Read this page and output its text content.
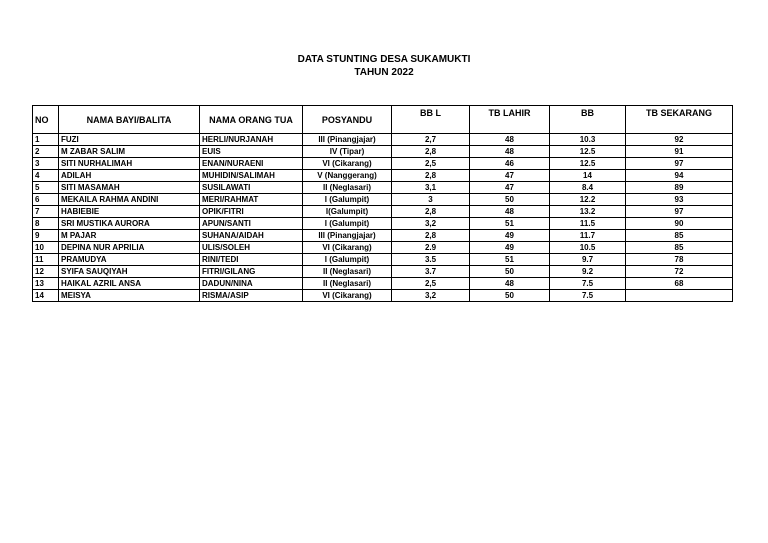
DATA STUNTING DESA SUKAMUKTI
TAHUN 2022
NO	NAMA BAYI/BALITA	NAMA ORANG TUA	POSYANDU	BB L	TB LAHIR	BB	TB SEKARANG
1	FUZI	HERLI/NURJANAH	III (Pinangjajar)	2,7	48	10.3	92
2	M ZABAR SALIM	EUIS	IV (Tipar)	2,8	48	12.5	91
3	SITI NURHALIMAH	ENAN/NURAENI	VI (Cikarang)	2,5	46	12.5	97
4	ADILAH	MUHIDIN/SALIMAH	V (Nanggerang)	2,8	47	14	94
5	SITI MASAMAH	SUSILAWATI	II (Neglasari)	3,1	47	8.4	89
6	MEKAILA RAHMA ANDINI	MERI/RAHMAT	I (Galumpit)	3	50	12.2	93
7	HABIEBIE	OPIK/FITRI	I(Galumpit)	2,8	48	13.2	97
8	SRI MUSTIKA AURORA	APUN/SANTI	I (Galumpit)	3,2	51	11.5	90
9	M PAJAR	SUHANA/AIDAH	III (Pinangjajar)	2,8	49	11.7	85
10	DEPINA NUR APRILIA	ULIS/SOLEH	VI (Cikarang)	2.9	49	10.5	85
11	PRAMUDYA	RINI/TEDI	I (Galumpit)	3.5	51	9.7	78
12	SYIFA SAUQIYAH	FITRI/GILANG	II (Neglasari)	3.7	50	9.2	72
13	HAIKAL AZRIL ANSA	DADUN/NINA	II (Neglasari)	2,5	48	7.5	68
14	MEISYA	RISMA/ASIP	VI (Cikarang)	3,2	50	7.5	
